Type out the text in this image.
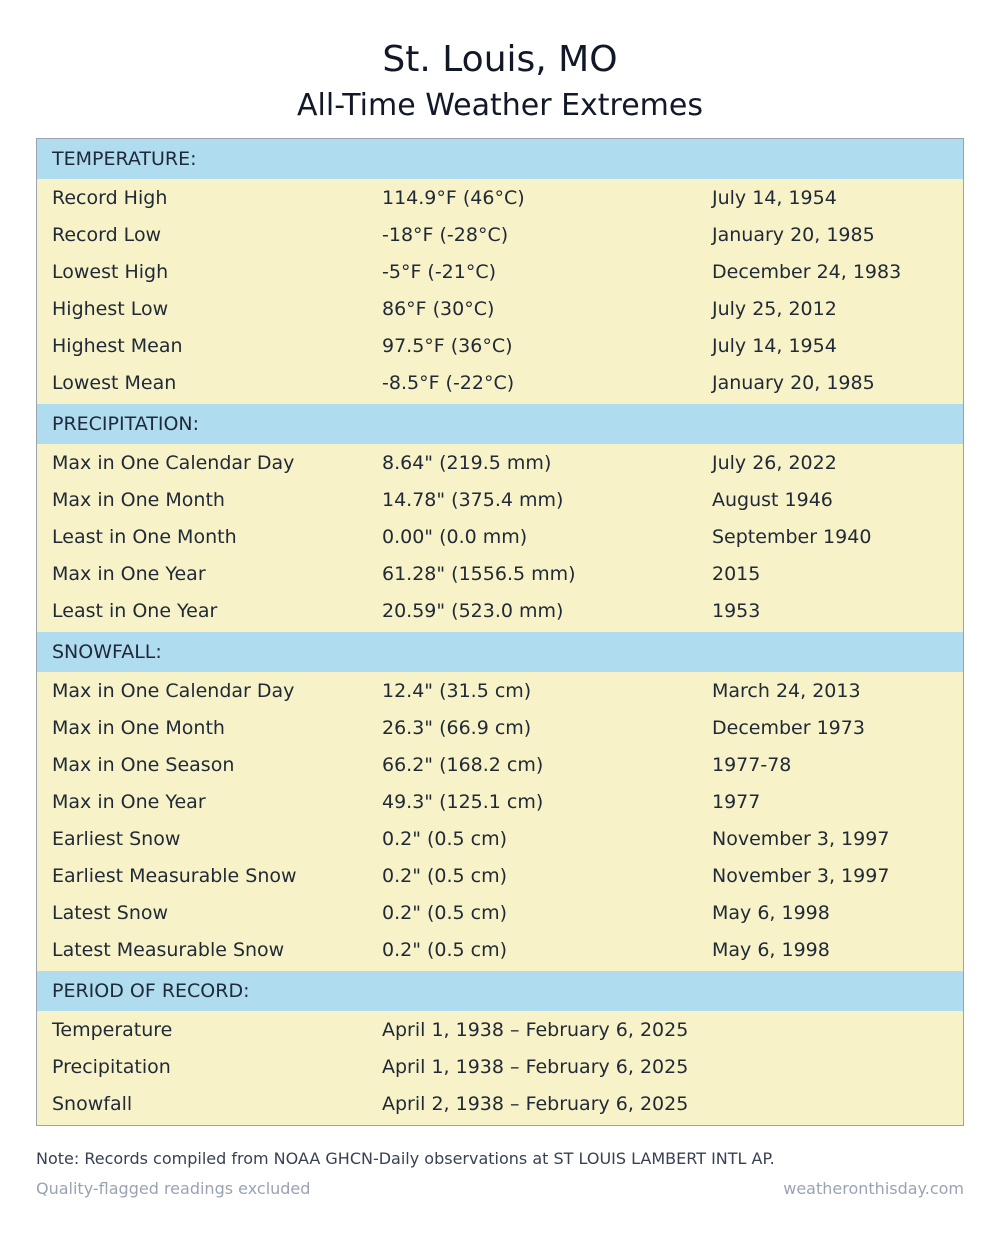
St. Louis, MO
All-Time Weather Extremes
TEMPERATURE:
Record High	114.9°F (46°C)	July 14, 1954
Record Low	-18°F (-28°C)	January 20, 1985
Lowest High	-5°F (-21°C)	December 24, 1983
Highest Low	86°F (30°C)	July 25, 2012
Highest Mean	97.5°F (36°C)	July 14, 1954
Lowest Mean	-8.5°F (-22°C)	January 20, 1985
PRECIPITATION:
Max in One Calendar Day	8.64" (219.5 mm)	July 26, 2022
Max in One Month	14.78" (375.4 mm)	August 1946
Least in One Month	0.00" (0.0 mm)	September 1940
Max in One Year	61.28" (1556.5 mm)	2015
Least in One Year	20.59" (523.0 mm)	1953
SNOWFALL:
Max in One Calendar Day	12.4" (31.5 cm)	March 24, 2013
Max in One Month	26.3" (66.9 cm)	December 1973
Max in One Season	66.2" (168.2 cm)	1977-78
Max in One Year	49.3" (125.1 cm)	1977
Earliest Snow	0.2" (0.5 cm)	November 3, 1997
Earliest Measurable Snow	0.2" (0.5 cm)	November 3, 1997
Latest Snow	0.2" (0.5 cm)	May 6, 1998
Latest Measurable Snow	0.2" (0.5 cm)	May 6, 1998
PERIOD OF RECORD:
Temperature	April 1, 1938 – February 6, 2025
Precipitation	April 1, 1938 – February 6, 2025
Snowfall	April 2, 1938 – February 6, 2025
Note: Records compiled from NOAA GHCN-Daily observations at ST LOUIS LAMBERT INTL AP.
Quality-flagged readings excluded	weatheronthisday.com
